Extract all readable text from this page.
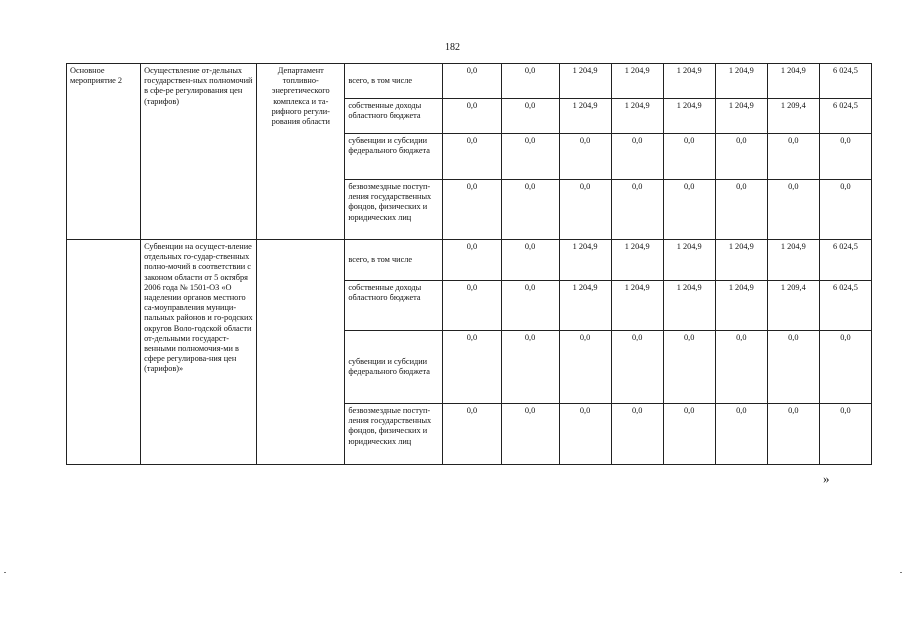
182
Основное мероприятие 2	Осуществление от-дельных государствен-ных полномочий в сфе-ре регулирования цен (тарифов)	Департамент топливно-энергетического комплекса и та-рифного регули-рования области	всего, в том числе	0,0	0,0	1 204,9	1 204,9	1 204,9	1 204,9	1 204,9	6 024,5
			собственные доходы областного бюджета	0,0	0,0	1 204,9	1 204,9	1 204,9	1 204,9	1 209,4	6 024,5
			субвенции и субсидии федерального бюджета	0,0	0,0	0,0	0,0	0,0	0,0	0,0	0,0
			безвозмездные поступ-ления государственных фондов, физических и юридических лиц	0,0	0,0	0,0	0,0	0,0	0,0	0,0	0,0
	Субвенции на осущест-вление отдельных го-судар-ственных полно-мочий в соответствии с законом области от 5 октября 2006 года № 1501-ОЗ «О наделении органов местного са-моуправления муници-пальных районов и го-родских округов Воло-годской области от-дельными государст-венными полномочия-ми в сфере регулирова-ния цен (тарифов)»		всего, в том числе	0,0	0,0	1 204,9	1 204,9	1 204,9	1 204,9	1 204,9	6 024,5
			собственные доходы областного бюджета	0,0	0,0	1 204,9	1 204,9	1 204,9	1 204,9	1 209,4	6 024,5
			субвенции и субсидии федерального бюджета	0,0	0,0	0,0	0,0	0,0	0,0	0,0	0,0
			безвозмездные поступ-ления государственных фондов, физических и юридических лиц	0,0	0,0	0,0	0,0	0,0	0,0	0,0	0,0
»
